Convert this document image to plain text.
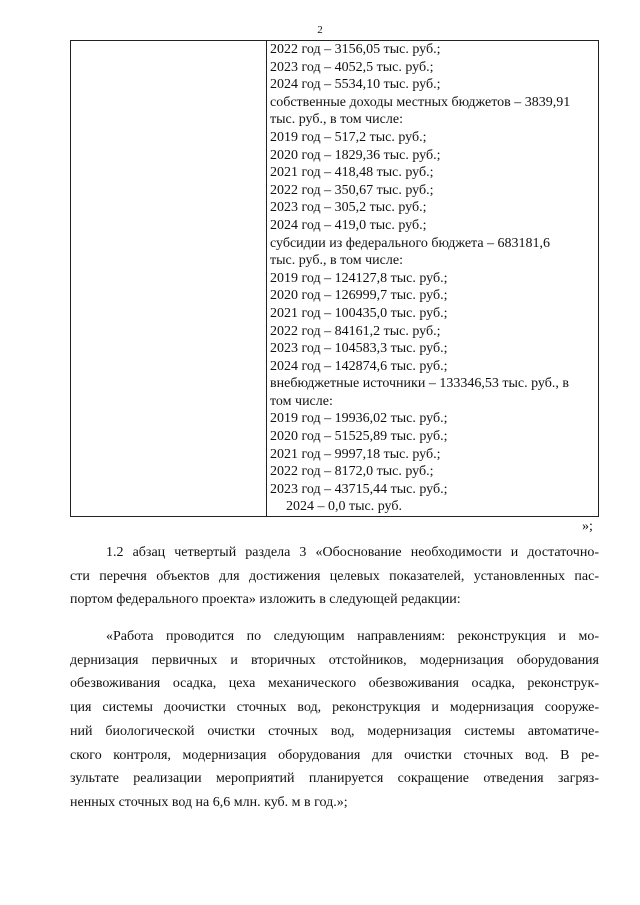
2
2022 год – 3156,05 тыс. руб.;
2023 год – 4052,5 тыс. руб.;
2024 год – 5534,10 тыс. руб.;
собственные доходы местных бюджетов – 3839,91
тыс. руб., в том числе:
2019 год – 517,2 тыс. руб.;
2020 год – 1829,36 тыс. руб.;
2021 год – 418,48 тыс. руб.;
2022 год – 350,67 тыс. руб.;
2023 год – 305,2 тыс. руб.;
2024 год – 419,0 тыс. руб.;
субсидии из федерального бюджета – 683181,6
тыс. руб., в том числе:
2019 год – 124127,8 тыс. руб.;
2020 год – 126999,7 тыс. руб.;
2021 год – 100435,0 тыс. руб.;
2022 год – 84161,2 тыс. руб.;
2023 год – 104583,3 тыс. руб.;
2024 год – 142874,6 тыс. руб.;
внебюджетные источники – 133346,53 тыс. руб., в
том числе:
2019 год – 19936,02 тыс. руб.;
2020 год – 51525,89 тыс. руб.;
2021 год – 9997,18 тыс. руб.;
2022 год – 8172,0 тыс. руб.;
2023 год – 43715,44 тыс. руб.;
2024 – 0,0 тыс. руб.
»;
1.2 абзац четвертый раздела 3 «Обоснование необходимости и достаточно-
сти перечня объектов для достижения целевых показателей, установленных пас-
портом федерального проекта» изложить в следующей редакции:
«Работа проводится по следующим направлениям: реконструкция и мо-
дернизация первичных и вторичных отстойников, модернизация оборудования
обезвоживания осадка, цеха механического обезвоживания осадка, реконструк-
ция системы доочистки сточных вод, реконструкция и модернизация сооруже-
ний биологической очистки сточных вод, модернизация системы автоматиче-
ского контроля, модернизация оборудования для очистки сточных вод. В ре-
зультате реализации мероприятий планируется сокращение отведения загряз-
ненных сточных вод на 6,6 млн. куб. м в год.»;
